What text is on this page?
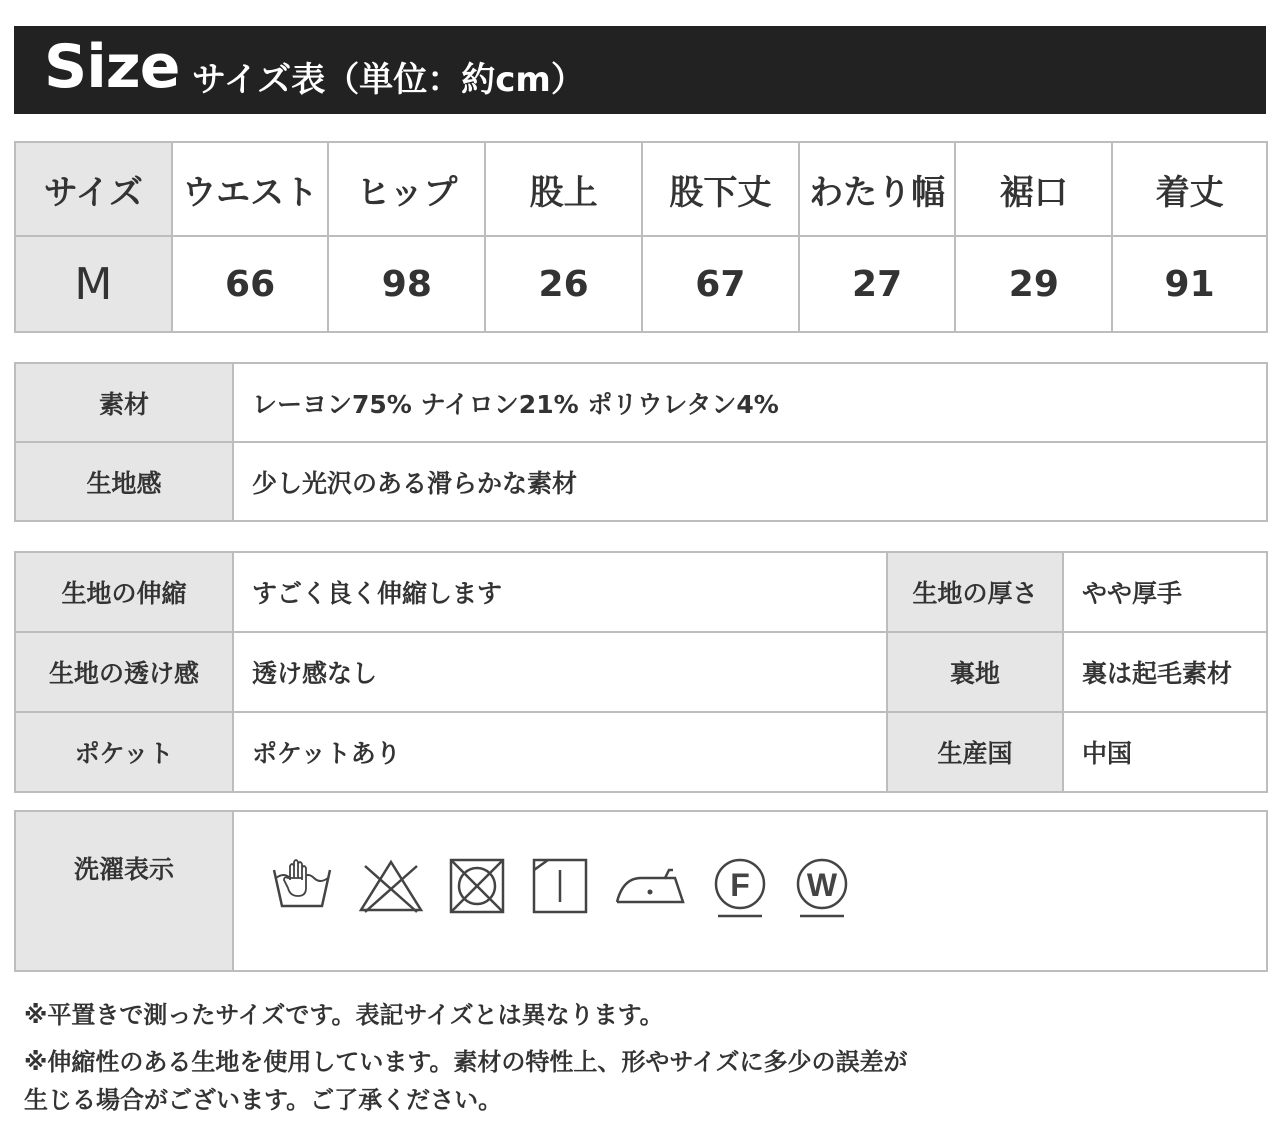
Size サイズ表（単位：約cm）
サイズ	ウエスト	ヒップ	股上	股下丈	わたり幅	裾口	着丈
M	66	98	26	67	27	29	91
素材	レーヨン75% ナイロン21% ポリウレタン4%
生地感	少し光沢のある滑らかな素材
生地の伸縮	すごく良く伸縮します	生地の厚さ	やや厚手
生地の透け感	透け感なし	裏地	裏は起毛素材
ポケット	ポケットあり	生産国	中国
洗濯表示	F
W
※平置きで測ったサイズです。表記サイズとは異なります。
※伸縮性のある生地を使用しています。素材の特性上、形やサイズに多少の誤差が
生じる場合がございます。ご了承ください。
